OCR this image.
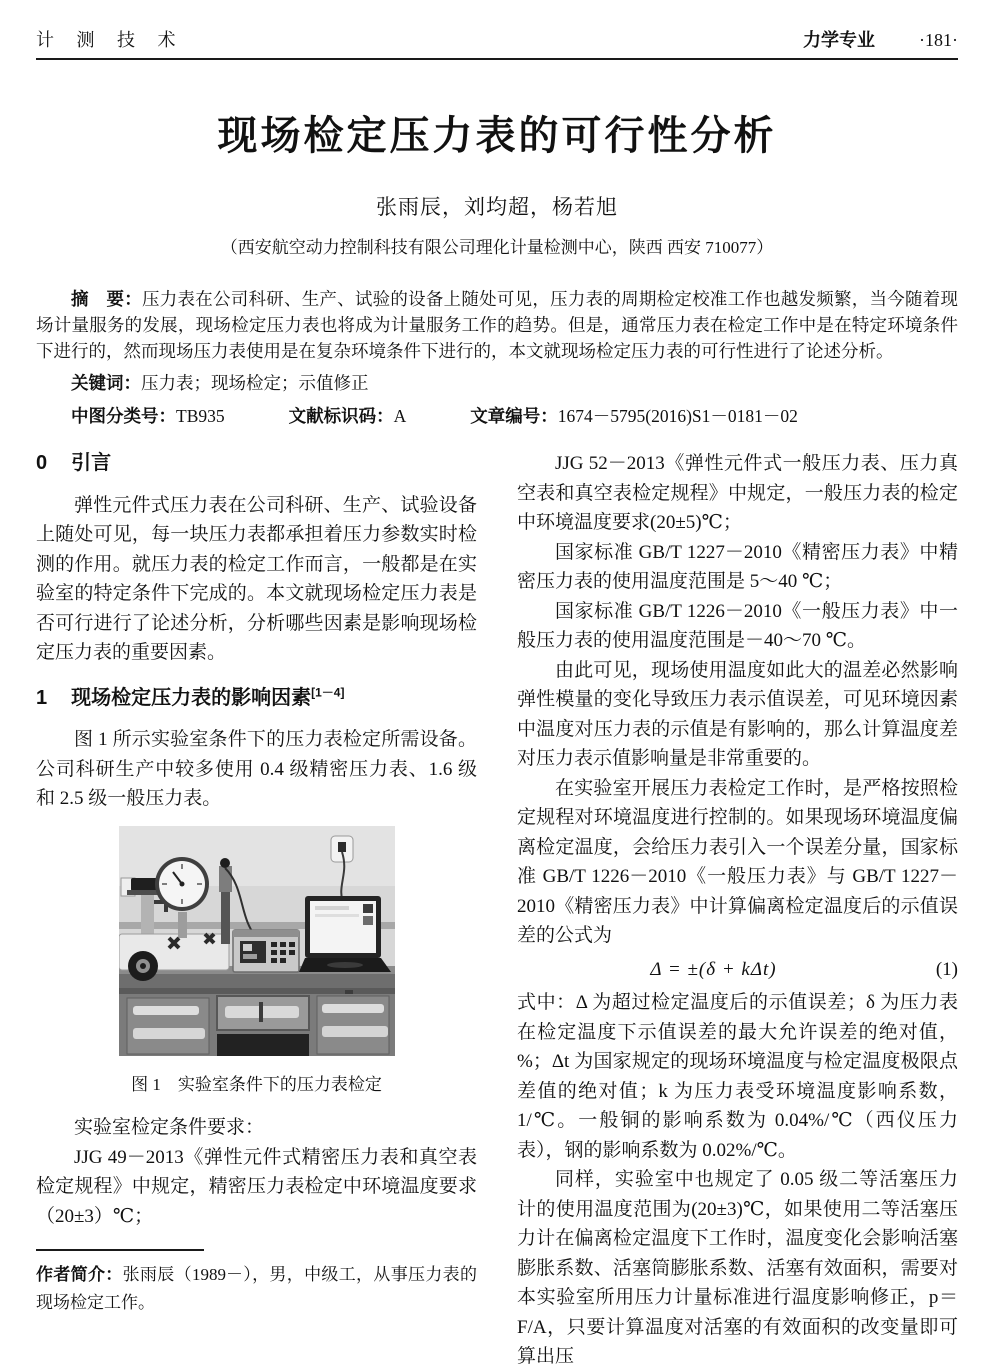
计 测 技 术	力学专业 ·181·
现场检定压力表的可行性分析
张雨辰，刘均超，杨若旭
（西安航空动力控制科技有限公司理化计量检测中心，陕西 西安 710077）

摘　要：压力表在公司科研、生产、试验的设备上随处可见，压力表的周期检定校准工作也越发频繁，当今随着现场计量服务的发展，现场检定压力表也将成为计量服务工作的趋势。但是，通常压力表在检定工作中是在特定环境条件下进行的，然而现场压力表使用是在复杂环境条件下进行的，本文就现场检定压力表的可行性进行了论述分析。

关键词：压力表；现场检定；示值修正

中图分类号：TB935	文献标识码：A	文章编号：1674－5795(2016)S1－0181－02

0 引言

弹性元件式压力表在公司科研、生产、试验设备上随处可见，每一块压力表都承担着压力参数实时检测的作用。就压力表的检定工作而言，一般都是在实验室的特定条件下完成的。本文就现场检定压力表是否可行进行了论述分析，分析哪些因素是影响现场检定压力表的重要因素。

1 现场检定压力表的影响因素[1－4]

图 1 所示实验室条件下的压力表检定所需设备。公司科研生产中较多使用 0.4 级精密压力表、1.6 级和 2.5 级一般压力表。

图 1　实验室条件下的压力表检定

实验室检定条件要求：

JJG 49－2013《弹性元件式精密压力表和真空表检定规程》中规定，精密压力表检定中环境温度要求（20±3）℃；

作者简介：张雨辰（1989－），男，中级工，从事压力表的现场检定工作。

JJG 52－2013《弹性元件式一般压力表、压力真空表和真空表检定规程》中规定，一般压力表的检定中环境温度要求(20±5)℃；

国家标准 GB/T 1227－2010《精密压力表》中精密压力表的使用温度范围是 5～40 ℃；

国家标准 GB/T 1226－2010《一般压力表》中一般压力表的使用温度范围是－40～70 ℃。

由此可见，现场使用温度如此大的温差必然影响弹性模量的变化导致压力表示值误差，可见环境因素中温度对压力表的示值是有影响的，那么计算温度差对压力表示值影响量是非常重要的。

在实验室开展压力表检定工作时，是严格按照检定规程对环境温度进行控制的。如果现场环境温度偏离检定温度，会给压力表引入一个误差分量，国家标准 GB/T 1226－2010《一般压力表》与 GB/T 1227－2010《精密压力表》中计算偏离检定温度后的示值误差的公式为

Δ = ±(δ + kΔt)	(1)

式中：Δ 为超过检定温度后的示值误差；δ 为压力表在检定温度下示值误差的最大允许误差的绝对值，%；Δt 为国家规定的现场环境温度与检定温度极限点差值的绝对值；k 为压力表受环境温度影响系数，1/℃。一般铜的影响系数为 0.04%/℃（西仪压力表），钢的影响系数为 0.02%/℃。

同样，实验室中也规定了 0.05 级二等活塞压力计的使用温度范围为(20±3)℃，如果使用二等活塞压力计在偏离检定温度下工作时，温度变化会影响活塞膨胀系数、活塞筒膨胀系数、活塞有效面积，需要对本实验室所用压力计量标准进行温度影响修正，p＝F/A，只要计算温度对活塞的有效面积的改变量即可算出压
